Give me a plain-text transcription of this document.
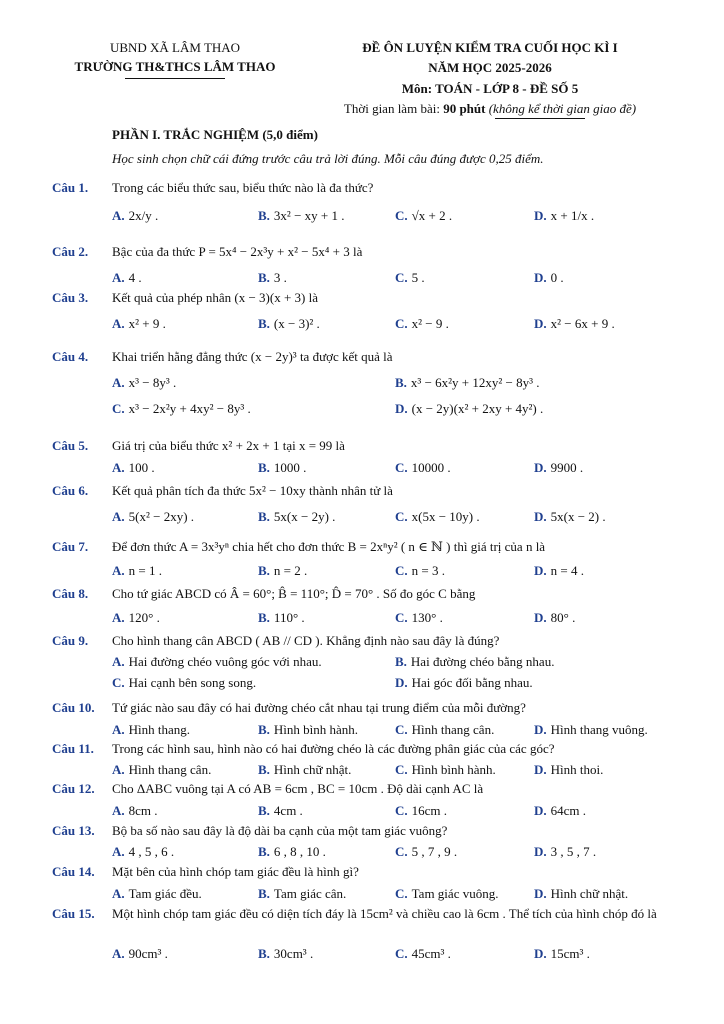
UBND XÃ LÂM THAO
TRƯỜNG TH&THCS LÂM THAO
ĐỀ ÔN LUYỆN KIỂM TRA CUỐI HỌC KÌ I
NĂM HỌC 2025-2026
Môn: TOÁN - LỚP 8 - ĐỀ SỐ 5
Thời gian làm bài: 90 phút (không kể thời gian giao đề)
PHẦN I. TRẮC NGHIỆM (5,0 điểm)
Học sinh chọn chữ cái đứng trước câu trả lời đúng. Mỗi câu đúng được 0,25 điểm.
Câu 1.	Trong các biểu thức sau, biểu thức nào là đa thức?
A. 2x/y .	B. 3x² − xy + 1 .	C. √x + 2 .	D. x + 1/x .
Câu 2.	Bậc của đa thức P = 5x⁴ − 2x³y + x² − 5x⁴ + 3 là
A. 4 .	B. 3 .	C. 5 .	D. 0 .
Câu 3.	Kết quả của phép nhân (x − 3)(x + 3) là
A. x² + 9 .	B. (x − 3)² .	C. x² − 9 .	D. x² − 6x + 9 .
Câu 4.	Khai triển hằng đẳng thức (x − 2y)³ ta được kết quả là
A. x³ − 8y³ .	B. x³ − 6x²y + 12xy² − 8y³ .
C. x³ − 2x²y + 4xy² − 8y³ .	D. (x − 2y)(x² + 2xy + 4y²) .
Câu 5.	Giá trị của biểu thức x² + 2x + 1 tại x = 99 là
A. 100 .	B. 1000 .	C. 10000 .	D. 9900 .
Câu 6.	Kết quả phân tích đa thức 5x² − 10xy thành nhân tử là
A. 5(x² − 2xy) .	B. 5x(x − 2y) .	C. x(5x − 10y) .	D. 5x(x − 2) .
Câu 7.	Để đơn thức A = 3x³yⁿ chia hết cho đơn thức B = 2xⁿy² ( n ∈ ℕ ) thì giá trị của n là
A. n = 1 .	B. n = 2 .	C. n = 3 .	D. n = 4 .
Câu 8.	Cho tứ giác ABCD có Â = 60°; B̂ = 110°; D̂ = 70° . Số đo góc C bằng
A. 120° .	B. 110° .	C. 130° .	D. 80° .
Câu 9.	Cho hình thang cân ABCD ( AB // CD ). Khẳng định nào sau đây là đúng?
A. Hai đường chéo vuông góc với nhau.	B. Hai đường chéo bằng nhau.
C. Hai cạnh bên song song.	D. Hai góc đối bằng nhau.
Câu 10.	Tứ giác nào sau đây có hai đường chéo cắt nhau tại trung điểm của mỗi đường?
A. Hình thang.	B. Hình bình hành.	C. Hình thang cân.	D. Hình thang vuông.
Câu 11.	Trong các hình sau, hình nào có hai đường chéo là các đường phân giác của các góc?
A. Hình thang cân.	B. Hình chữ nhật.	C. Hình bình hành.	D. Hình thoi.
Câu 12.	Cho ΔABC vuông tại A có AB = 6cm , BC = 10cm . Độ dài cạnh AC là
A. 8cm .	B. 4cm .	C. 16cm .	D. 64cm .
Câu 13.	Bộ ba số nào sau đây là độ dài ba cạnh của một tam giác vuông?
A. 4 , 5 , 6 .	B. 6 , 8 , 10 .	C. 5 , 7 , 9 .	D. 3 , 5 , 7 .
Câu 14.	Mặt bên của hình chóp tam giác đều là hình gì?
A. Tam giác đều.	B. Tam giác cân.	C. Tam giác vuông.	D. Hình chữ nhật.
Câu 15.	Một hình chóp tam giác đều có diện tích đáy là 15cm² và chiều cao là 6cm . Thể tích của hình chóp đó là
A. 90cm³ .	B. 30cm³ .	C. 45cm³ .	D. 15cm³ .
